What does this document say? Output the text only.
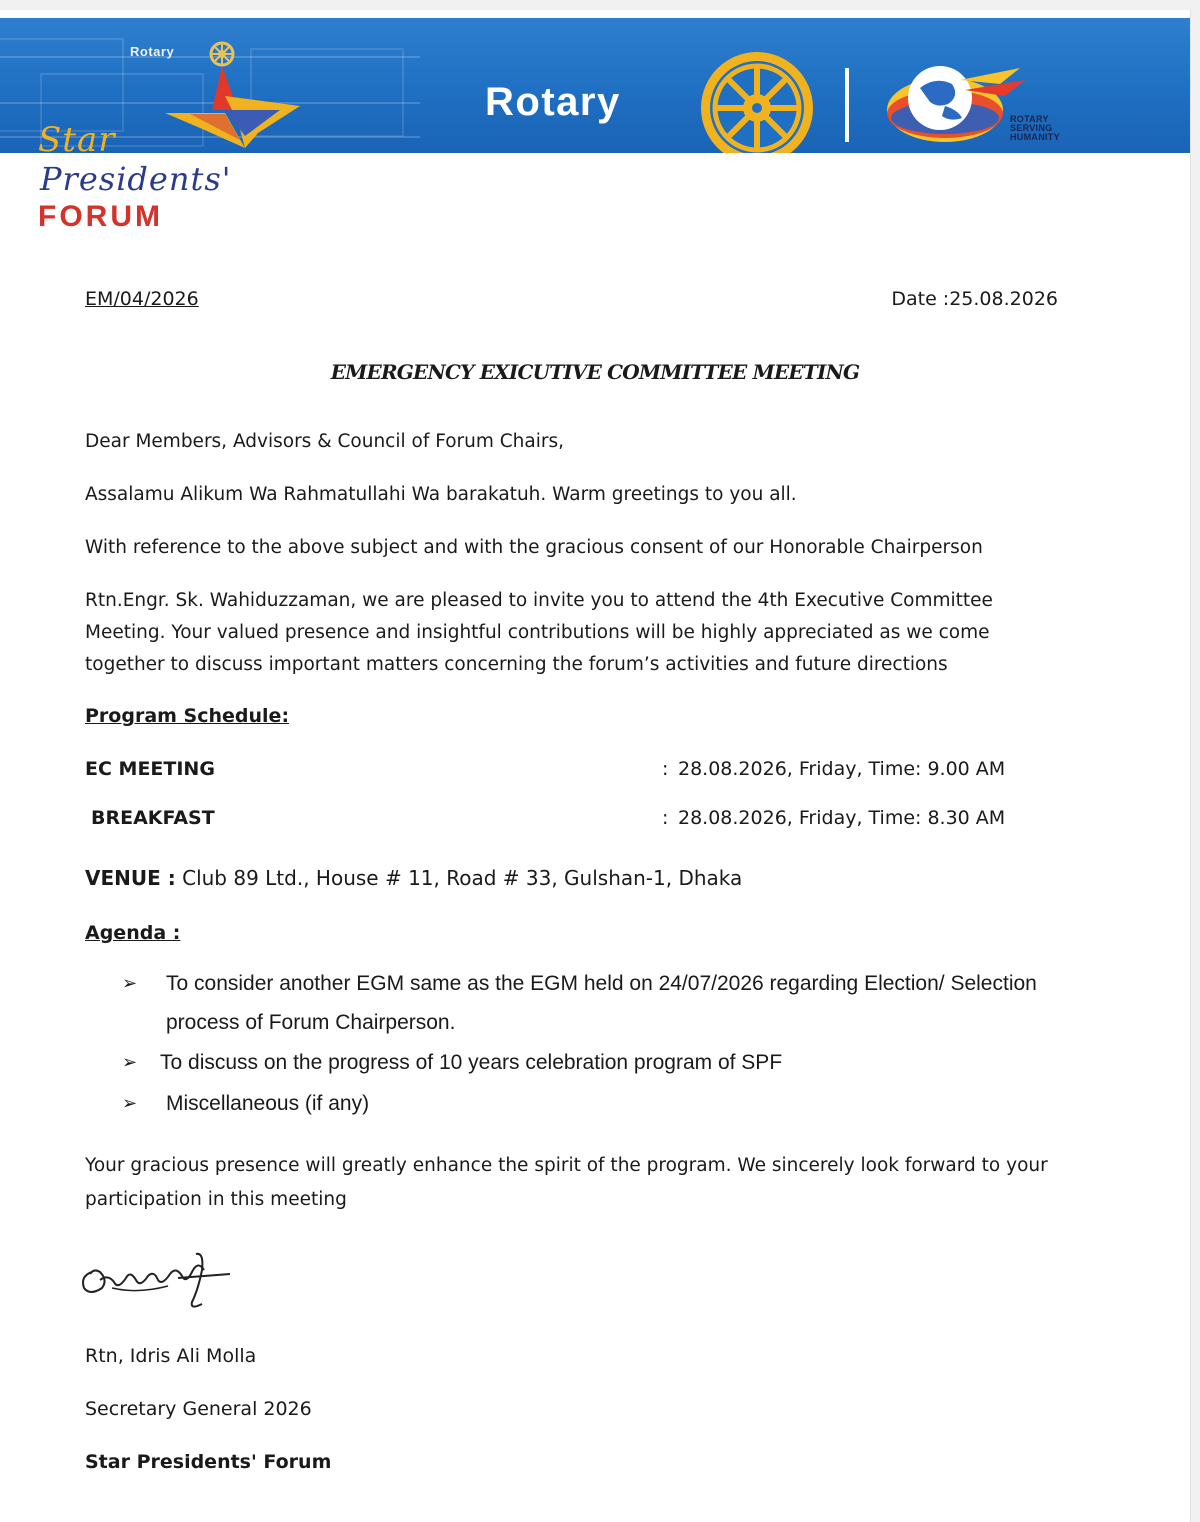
Rotary
Rotary	ROTARY
SERVING
HUMANITY
Star
Presidents'
FORUM
EM/04/2026	Date :25.08.2026
EMERGENCY EXICUTIVE COMMITTEE MEETING
Dear Members, Advisors & Council of Forum Chairs,
Assalamu Alikum Wa Rahmatullahi Wa barakatuh. Warm greetings to you all.
With reference to the above subject and with the gracious consent of our Honorable Chairperson
Rtn.Engr. Sk. Wahiduzzaman, we are pleased to invite you to attend the 4th Executive Committee Meeting. Your valued presence and insightful contributions will be highly appreciated as we come together to discuss important matters concerning the forum’s activities and future directions
Program Schedule:
EC MEETING	: 28.08.2026, Friday, Time: 9.00 AM
BREAKFAST	: 28.08.2026, Friday, Time: 8.30 AM
VENUE : Club 89 Ltd., House # 11, Road # 33, Gulshan-1, Dhaka
Agenda :
➢	To consider another EGM same as the EGM held on 24/07/2026 regarding Election/ Selection process of Forum Chairperson.
➢	To discuss on the progress of 10 years celebration program of SPF
➢	Miscellaneous (if any)
Your gracious presence will greatly enhance the spirit of the program. We sincerely look forward to your participation in this meeting
Rtn, Idris Ali Molla
Secretary General 2026
Star Presidents' Forum
